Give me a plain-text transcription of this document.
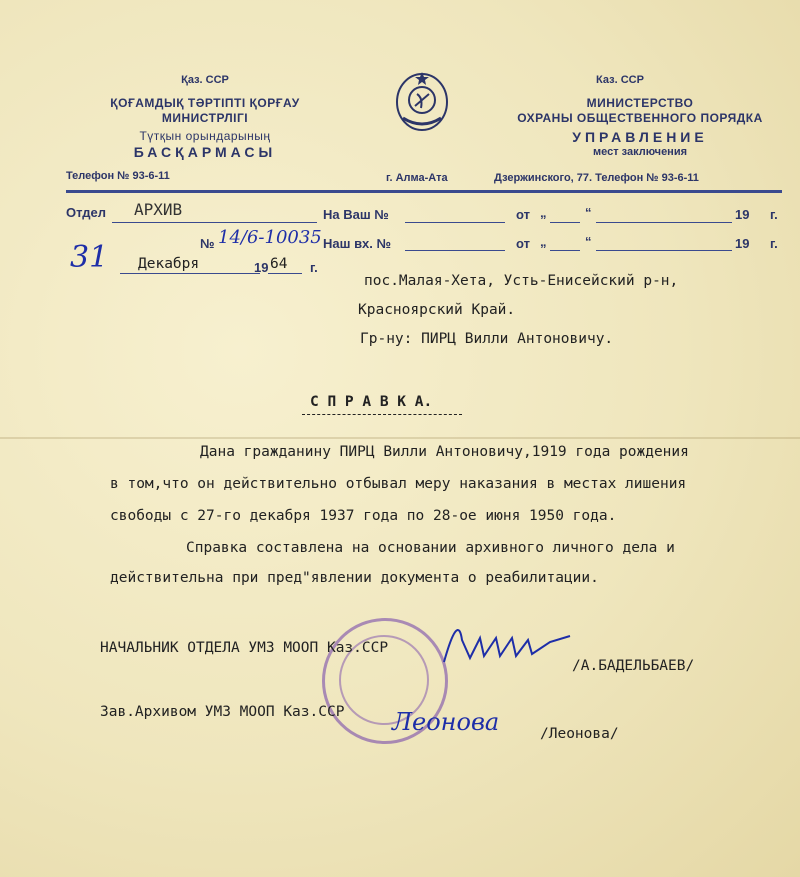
Қаз. ССР
ҚОҒАМДЫҚ ТӘРТІПТІ ҚОРҒАУ
МИНИСТРЛІГІ
Түтқын орындарының
БАСҚАРМАСЫ
Телефон № 93-6-11	г. Алма-Ата
Каз. ССР
МИНИСТЕРСТВО
ОХРАНЫ ОБЩЕСТВЕННОГО ПОРЯДКА
УПРАВЛЕНИЕ
мест заключения
Дзержинского, 77. Телефон № 93-6-11
Отдел АРХИВ	На Ваш №	от „	“	19 г.
№ 14/6-10035 Наш вх. №	от „	“	19 г.
31 Декабря	19 64 г.
пос.Малая-Хета, Усть-Енисейский р-н,
Красноярский Край.
Гр-ну: ПИРЦ Вилли Антоновичу.
С П Р А В К А.
Дана гражданину ПИРЦ Вилли Антоновичу,1919 года рождения
в том,что он действительно отбывал меру наказания в местах лишения
свободы с 27-го декабря 1937 года по 28-ое июня 1950 года.
Справка составлена на основании архивного личного дела и
действительна при пред"явлении документа о реабилитации.
НАЧАЛЬНИК ОТДЕЛА УМЗ МООП Каз.ССР
/А.БАДЕЛЬБАЕВ/
Зав.Архивом УМЗ МООП Каз.ССР Леонова	/Леонова/
